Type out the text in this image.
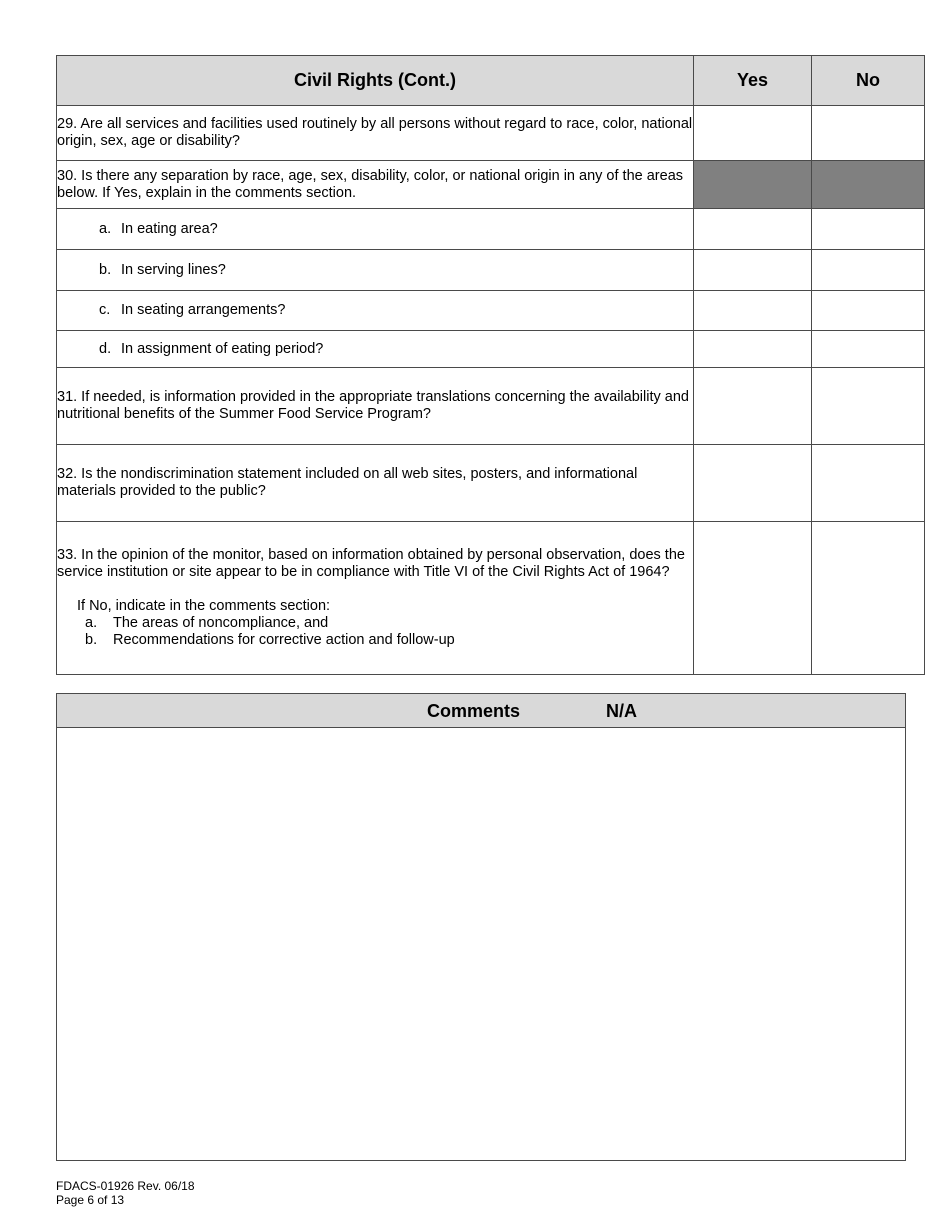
Civil Rights (Cont.)	Yes	No
29. Are all services and facilities used routinely by all persons without regard to race, color, national origin, sex, age or disability?		
30. Is there any separation by race, age, sex, disability, color, or national origin in any of the areas below. If Yes, explain in the comments section.		
a. In eating area?		
b. In serving lines?		
c. In seating arrangements?		
d. In assignment of eating period?		
31. If needed, is information provided in the appropriate translations concerning the availability and nutritional benefits of the Summer Food Service Program?		
32. Is the nondiscrimination statement included on all web sites, posters, and informational materials provided to the public?		

33. In the opinion of the monitor, based on information obtained by personal observation, does the service institution or site appear to be in compliance with Title VI of the Civil Rights Act of 1964?
If No, indicate in the comments section:
a. The areas of noncompliance, and
b. Recommendations for corrective action and follow-up		

Comments	N/A
FDACS-01926 Rev. 06/18
Page 6 of 13
